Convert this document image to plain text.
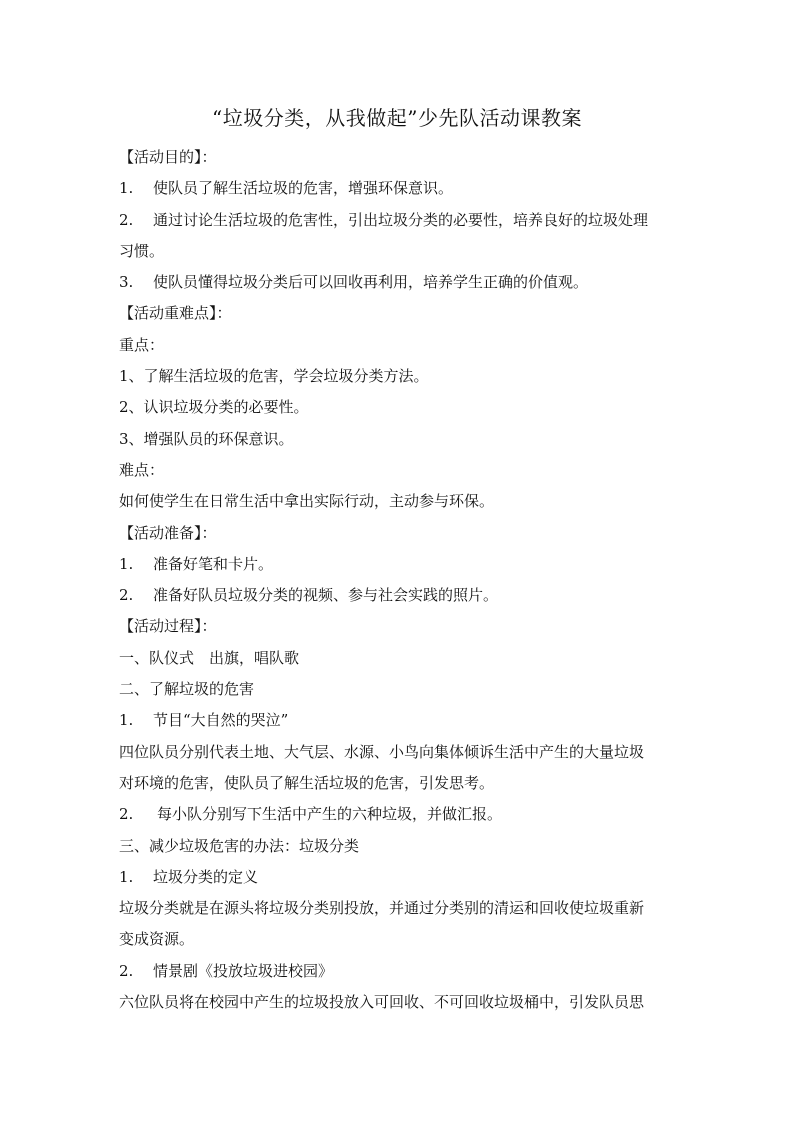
“垃圾分类，从我做起”少先队活动课教案
【活动目的】：
1. 使队员了解生活垃圾的危害，增强环保意识。
2. 通过讨论生活垃圾的危害性，引出垃圾分类的必要性，培养良好的垃圾处理
习惯。
3. 使队员懂得垃圾分类后可以回收再利用，培养学生正确的价值观。
【活动重难点】：
重点：
1、了解生活垃圾的危害，学会垃圾分类方法。
2、认识垃圾分类的必要性。
3、增强队员的环保意识。
难点：
如何使学生在日常生活中拿出实际行动，主动参与环保。
【活动准备】：
1. 准备好笔和卡片。
2. 准备好队员垃圾分类的视频、参与社会实践的照片。
【活动过程】：
一、队仪式　出旗，唱队歌
二、了解垃圾的危害
1. 节目“大自然的哭泣”
四位队员分别代表土地、大气层、水源、小鸟向集体倾诉生活中产生的大量垃圾
对环境的危害，使队员了解生活垃圾的危害，引发思考。
2. 每小队分别写下生活中产生的六种垃圾，并做汇报。
三、减少垃圾危害的办法：垃圾分类
1. 垃圾分类的定义
垃圾分类就是在源头将垃圾分类别投放，并通过分类别的清运和回收使垃圾重新
变成资源。
2. 情景剧《投放垃圾进校园》
六位队员将在校园中产生的垃圾投放入可回收、不可回收垃圾桶中，引发队员思
